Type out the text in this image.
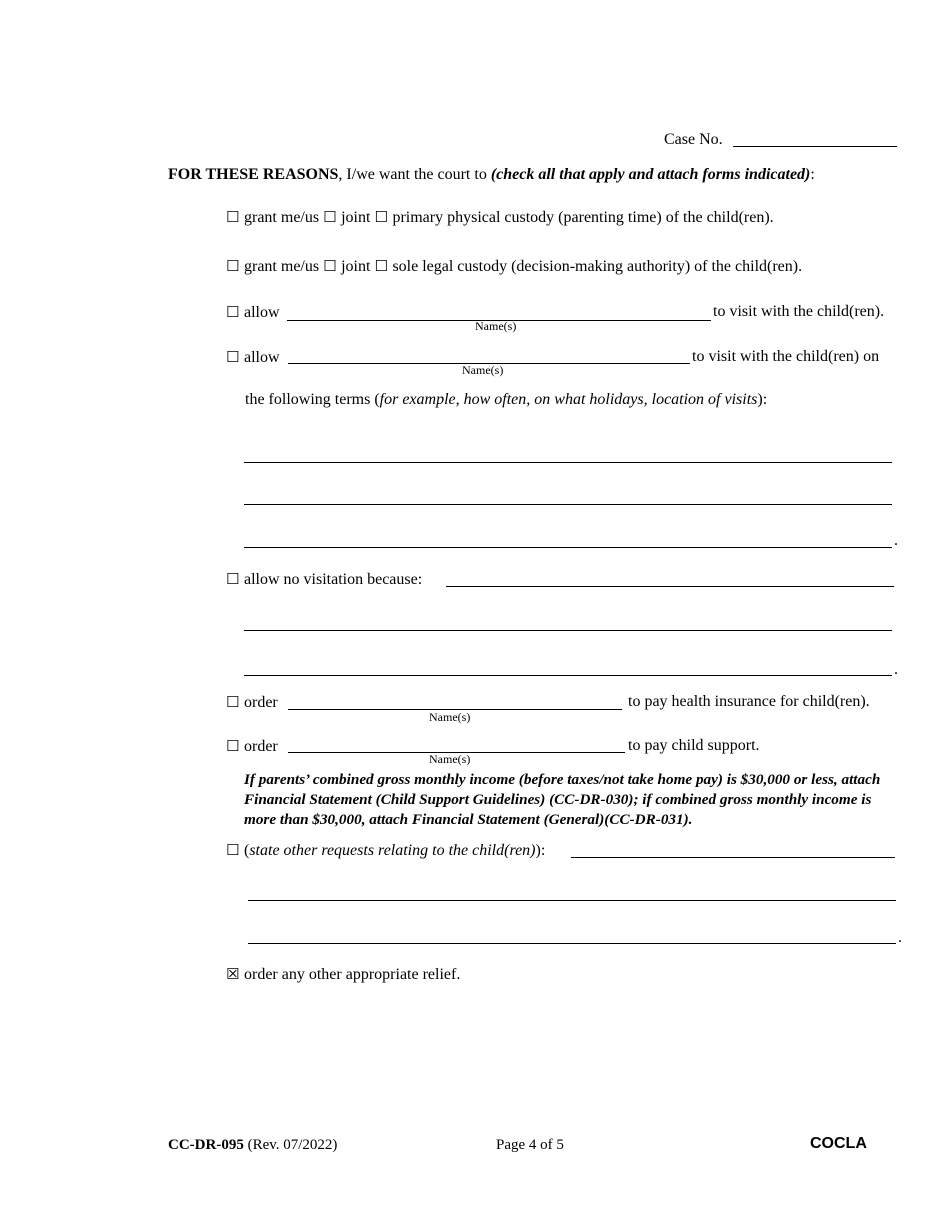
Case No.
FOR THESE REASONS, I/we want the court to (check all that apply and attach forms indicated):
☐ grant me/us ☐ joint ☐ primary physical custody (parenting time) of the child(ren).
☐ grant me/us ☐ joint ☐ sole legal custody (decision-making authority) of the child(ren).
☐ allow	to visit with the child(ren).
Name(s)
☐ allow	to visit with the child(ren) on
Name(s)
the following terms (for example, how often, on what holidays, location of visits):
.
☐ allow no visitation because:
.
☐ order	to pay health insurance for child(ren).
Name(s)
☐ order	to pay child support.
Name(s)
If parents’ combined gross monthly income (before taxes/not take home pay) is $30,000 or less, attach Financial Statement (Child Support Guidelines) (CC-DR-030); if combined gross monthly income is more than $30,000, attach Financial Statement (General)(CC-DR-031).
☐ (state other requests relating to the child(ren)):
.
☒ order any other appropriate relief.
CC-DR-095 (Rev. 07/2022)	Page 4 of 5	COCLA
